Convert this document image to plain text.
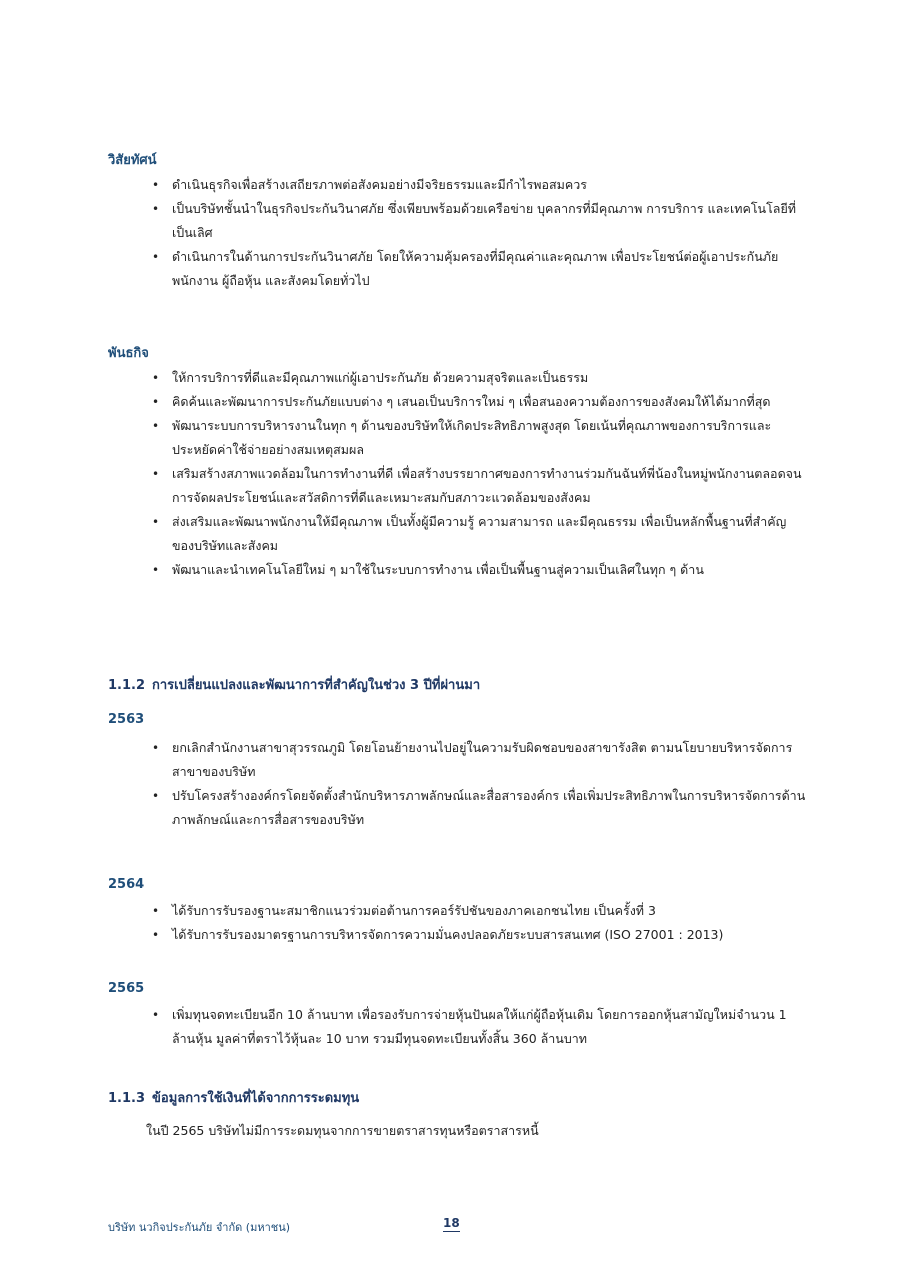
วิสัยทัศน์
• ดำเนินธุรกิจเพื่อสร้างเสถียรภาพต่อสังคมอย่างมีจริยธรรมและมีกำไรพอสมควร
• เป็นบริษัทชั้นนำในธุรกิจประกันวินาศภัย ซึ่งเพียบพร้อมด้วยเครือข่าย บุคลากรที่มีคุณภาพ การบริการ และเทคโนโลยีที่เป็นเลิศ
• ดำเนินการในด้านการประกันวินาศภัย โดยให้ความคุ้มครองที่มีคุณค่าและคุณภาพ เพื่อประโยชน์ต่อผู้เอาประกันภัย พนักงาน ผู้ถือหุ้น และสังคมโดยทั่วไป
พันธกิจ
• ให้การบริการที่ดีและมีคุณภาพแก่ผู้เอาประกันภัย ด้วยความสุจริตและเป็นธรรม
• คิดค้นและพัฒนาการประกันภัยแบบต่าง ๆ เสนอเป็นบริการใหม่ ๆ เพื่อสนองความต้องการของสังคมให้ได้มากที่สุด
• พัฒนาระบบการบริหารงานในทุก ๆ ด้านของบริษัทให้เกิดประสิทธิภาพสูงสุด โดยเน้นที่คุณภาพของการบริการและประหยัดค่าใช้จ่ายอย่างสมเหตุสมผล
• เสริมสร้างสภาพแวดล้อมในการทำงานที่ดี เพื่อสร้างบรรยากาศของการทำงานร่วมกันฉันท์พี่น้องในหมู่พนักงานตลอดจนการจัดผลประโยชน์และสวัสดิการที่ดีและเหมาะสมกับสภาวะแวดล้อมของสังคม
• ส่งเสริมและพัฒนาพนักงานให้มีคุณภาพ เป็นทั้งผู้มีความรู้ ความสามารถ และมีคุณธรรม เพื่อเป็นหลักพื้นฐานที่สำคัญของบริษัทและสังคม
• พัฒนาและนำเทคโนโลยีใหม่ ๆ มาใช้ในระบบการทำงาน เพื่อเป็นพื้นฐานสู่ความเป็นเลิศในทุก ๆ ด้าน
1.1.2 การเปลี่ยนแปลงและพัฒนาการที่สำคัญในช่วง 3 ปีที่ผ่านมา
2563
• ยกเลิกสำนักงานสาขาสุวรรณภูมิ โดยโอนย้ายงานไปอยู่ในความรับผิดชอบของสาขารังสิต ตามนโยบายบริหารจัดการสาขาของบริษัท
• ปรับโครงสร้างองค์กรโดยจัดตั้งสำนักบริหารภาพลักษณ์และสื่อสารองค์กร เพื่อเพิ่มประสิทธิภาพในการบริหารจัดการด้านภาพลักษณ์และการสื่อสารของบริษัท
2564
• ได้รับการรับรองฐานะสมาชิกแนวร่วมต่อต้านการคอร์รัปชันของภาคเอกชนไทย เป็นครั้งที่ 3
• ได้รับการรับรองมาตรฐานการบริหารจัดการความมั่นคงปลอดภัยระบบสารสนเทศ (ISO 27001 : 2013)
2565
• เพิ่มทุนจดทะเบียนอีก 10 ล้านบาท เพื่อรองรับการจ่ายหุ้นปันผลให้แก่ผู้ถือหุ้นเดิม โดยการออกหุ้นสามัญใหม่จำนวน 1 ล้านหุ้น มูลค่าที่ตราไว้หุ้นละ 10 บาท รวมมีทุนจดทะเบียนทั้งสิ้น 360 ล้านบาท
1.1.3 ข้อมูลการใช้เงินที่ได้จากการระดมทุน
ในปี 2565 บริษัทไม่มีการระดมทุนจากการขายตราสารทุนหรือตราสารหนี้
บริษัท นวกิจประกันภัย จำกัด (มหาชน)	18
